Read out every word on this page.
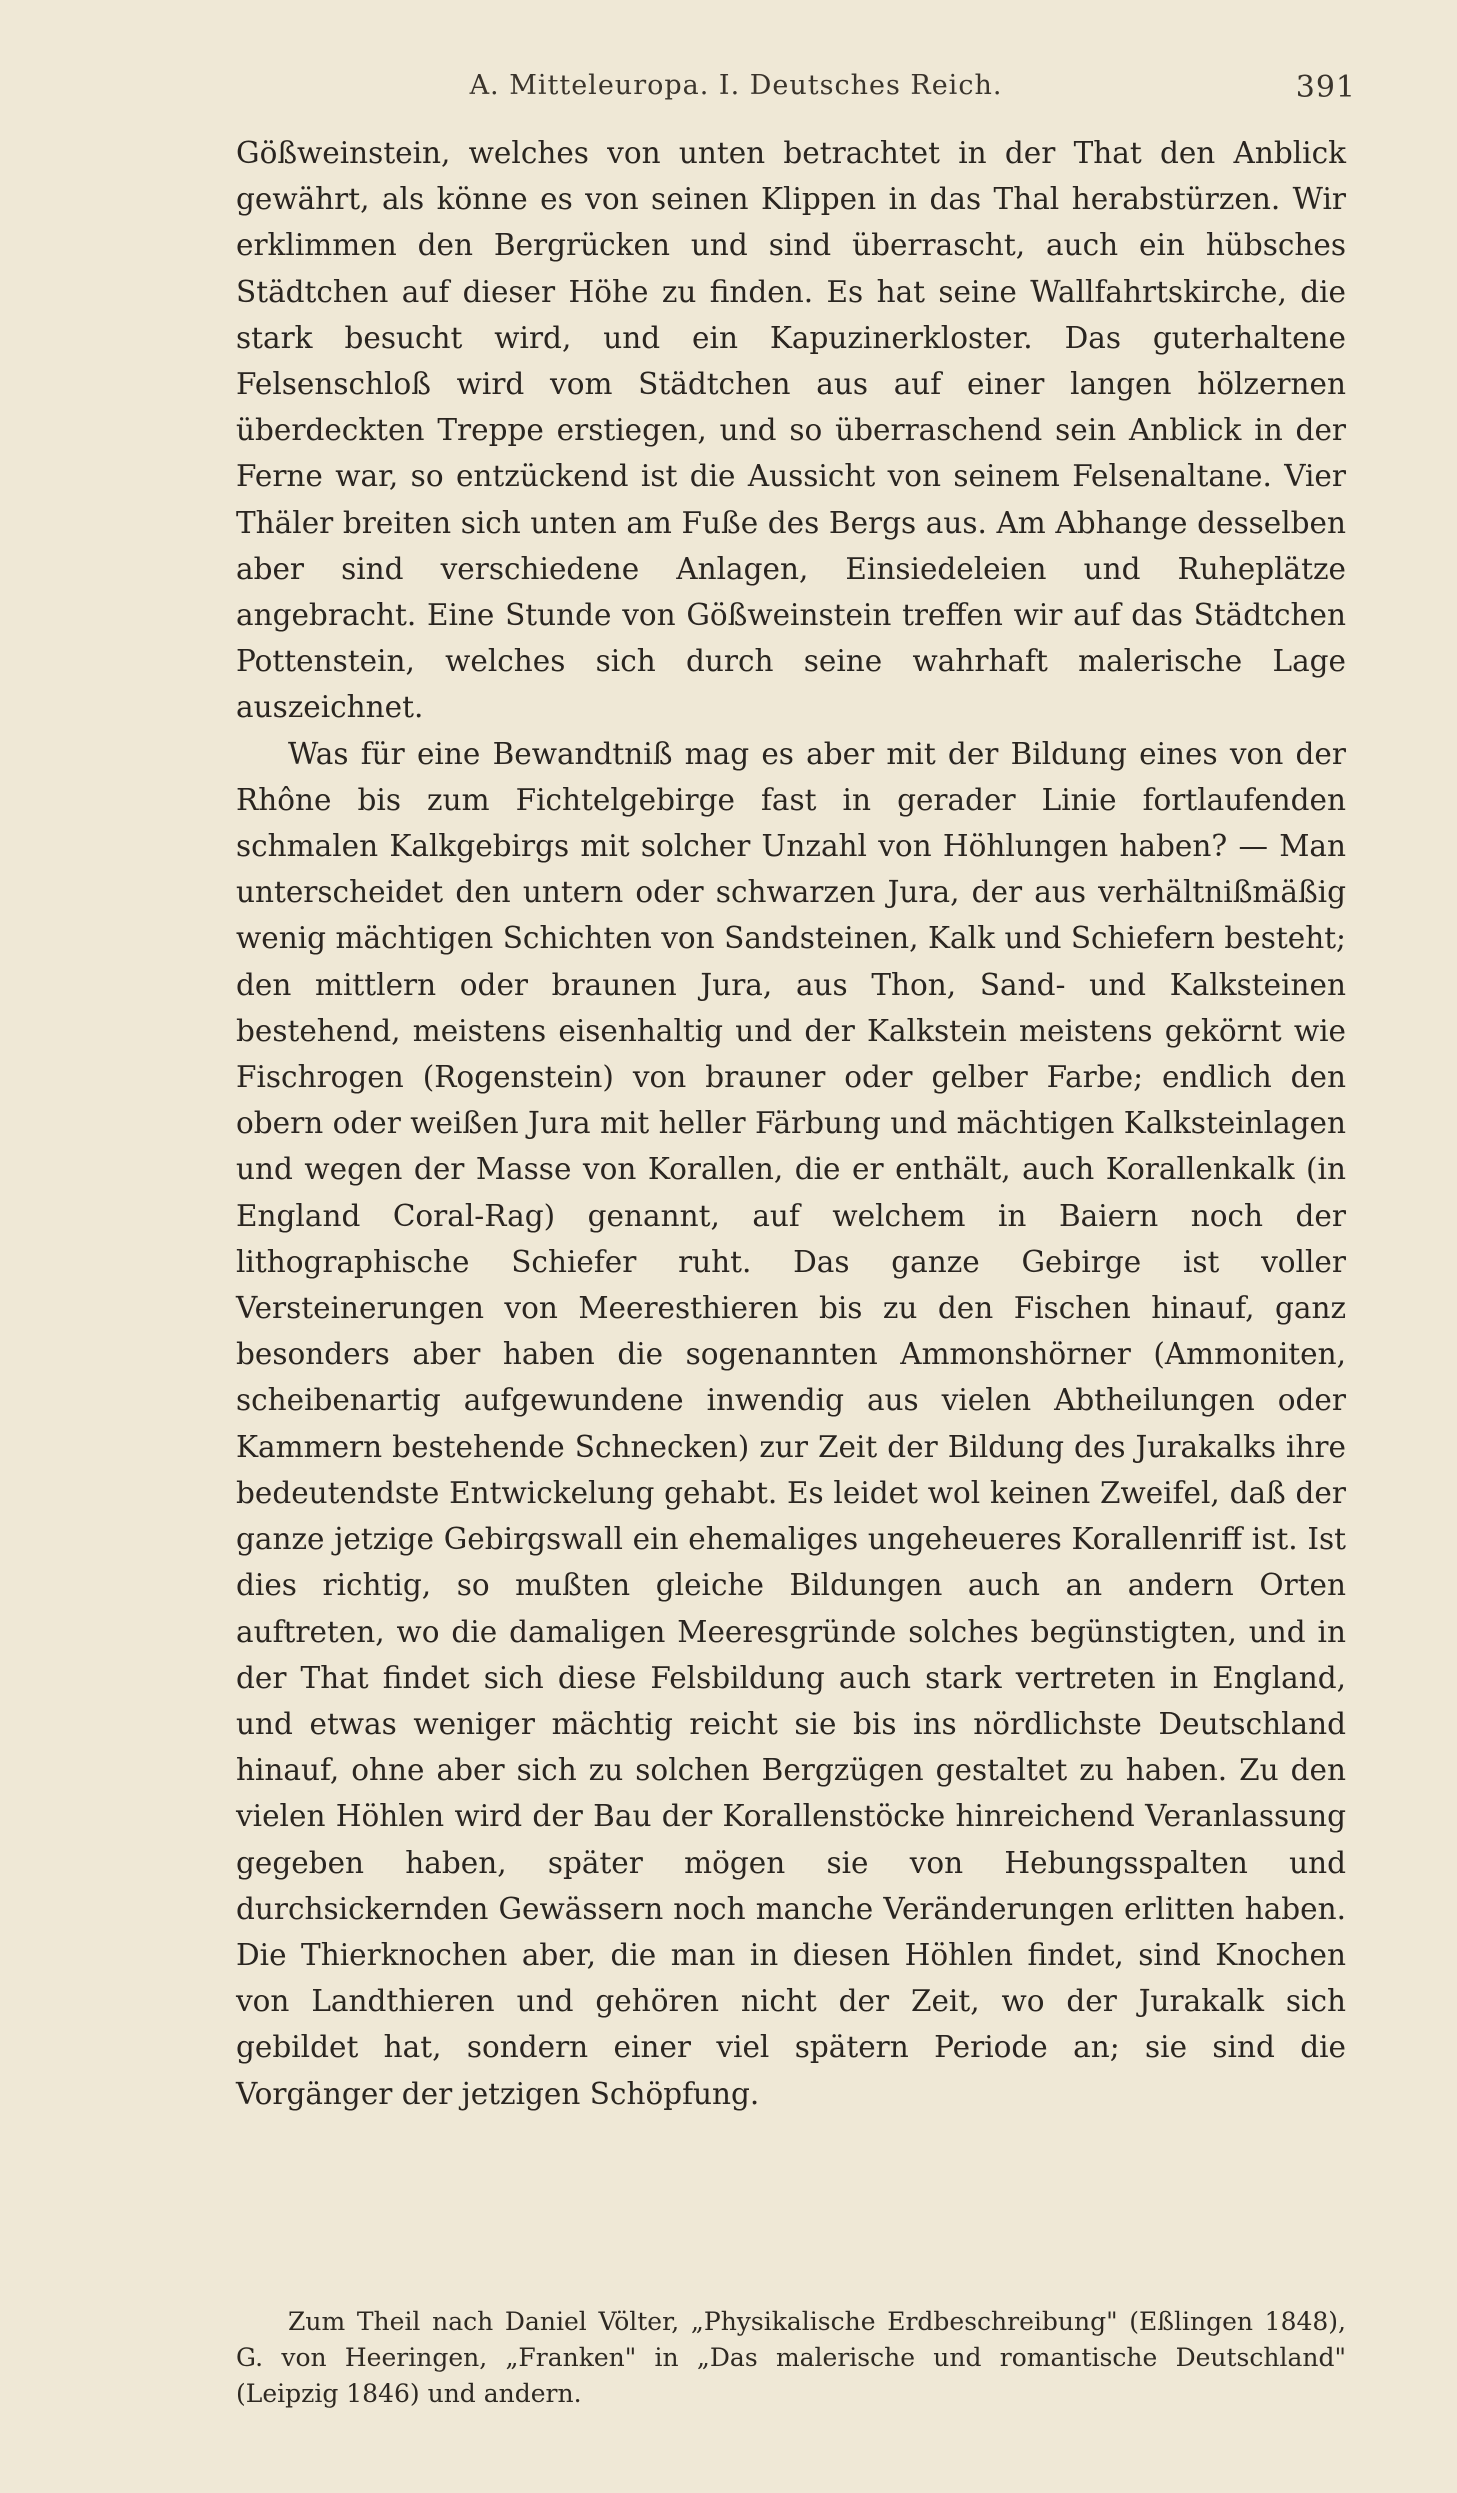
A. Mitteleuropa. I. Deutsches Reich.	391

Gößweinstein, welches von unten betrachtet in der That den Anblick gewährt, als könne es von seinen Klippen in das Thal herabstürzen. Wir erklimmen den Bergrücken und sind überrascht, auch ein hübsches Städtchen auf dieser Höhe zu finden. Es hat seine Wallfahrtskirche, die stark besucht wird, und ein Kapuzinerkloster. Das guterhaltene Felsenschloß wird vom Städtchen aus auf einer langen hölzernen überdeckten Treppe erstiegen, und so überraschend sein Anblick in der Ferne war, so entzückend ist die Aussicht von seinem Felsenaltane. Vier Thäler breiten sich unten am Fuße des Bergs aus. Am Abhange desselben aber sind verschiedene Anlagen, Einsiedeleien und Ruheplätze angebracht. Eine Stunde von Gößweinstein treffen wir auf das Städtchen Pottenstein, welches sich durch seine wahrhaft malerische Lage auszeichnet.

Was für eine Bewandtniß mag es aber mit der Bildung eines von der Rhône bis zum Fichtelgebirge fast in gerader Linie fortlaufenden schmalen Kalkgebirgs mit solcher Unzahl von Höhlungen haben? — Man unterscheidet den untern oder schwarzen Jura, der aus verhältnißmäßig wenig mächtigen Schichten von Sandsteinen, Kalk und Schiefern besteht; den mittlern oder braunen Jura, aus Thon, Sand- und Kalksteinen bestehend, meistens eisenhaltig und der Kalkstein meistens gekörnt wie Fischrogen (Rogenstein) von brauner oder gelber Farbe; endlich den obern oder weißen Jura mit heller Färbung und mächtigen Kalksteinlagen und wegen der Masse von Korallen, die er enthält, auch Korallenkalk (in England Coral-Rag) genannt, auf welchem in Baiern noch der lithographische Schiefer ruht. Das ganze Gebirge ist voller Versteinerungen von Meeresthieren bis zu den Fischen hinauf, ganz besonders aber haben die sogenannten Ammonshörner (Ammoniten, scheibenartig aufgewundene inwendig aus vielen Abtheilungen oder Kammern bestehende Schnecken) zur Zeit der Bildung des Jurakalks ihre bedeutendste Entwickelung gehabt. Es leidet wol keinen Zweifel, daß der ganze jetzige Gebirgswall ein ehemaliges ungeheueres Korallenriff ist. Ist dies richtig, so mußten gleiche Bildungen auch an andern Orten auftreten, wo die damaligen Meeresgründe solches begünstigten, und in der That findet sich diese Felsbildung auch stark vertreten in England, und etwas weniger mächtig reicht sie bis ins nördlichste Deutschland hinauf, ohne aber sich zu solchen Bergzügen gestaltet zu haben. Zu den vielen Höhlen wird der Bau der Korallenstöcke hinreichend Veranlassung gegeben haben, später mögen sie von Hebungsspalten und durchsickernden Gewässern noch manche Veränderungen erlitten haben. Die Thierknochen aber, die man in diesen Höhlen findet, sind Knochen von Landthieren und gehören nicht der Zeit, wo der Jurakalk sich gebildet hat, sondern einer viel spätern Periode an; sie sind die Vorgänger der jetzigen Schöpfung.

Zum Theil nach Daniel Völter, „Physikalische Erdbeschreibung" (Eßlingen 1848), G. von Heeringen, „Franken" in „Das malerische und romantische Deutschland" (Leipzig 1846) und andern.
